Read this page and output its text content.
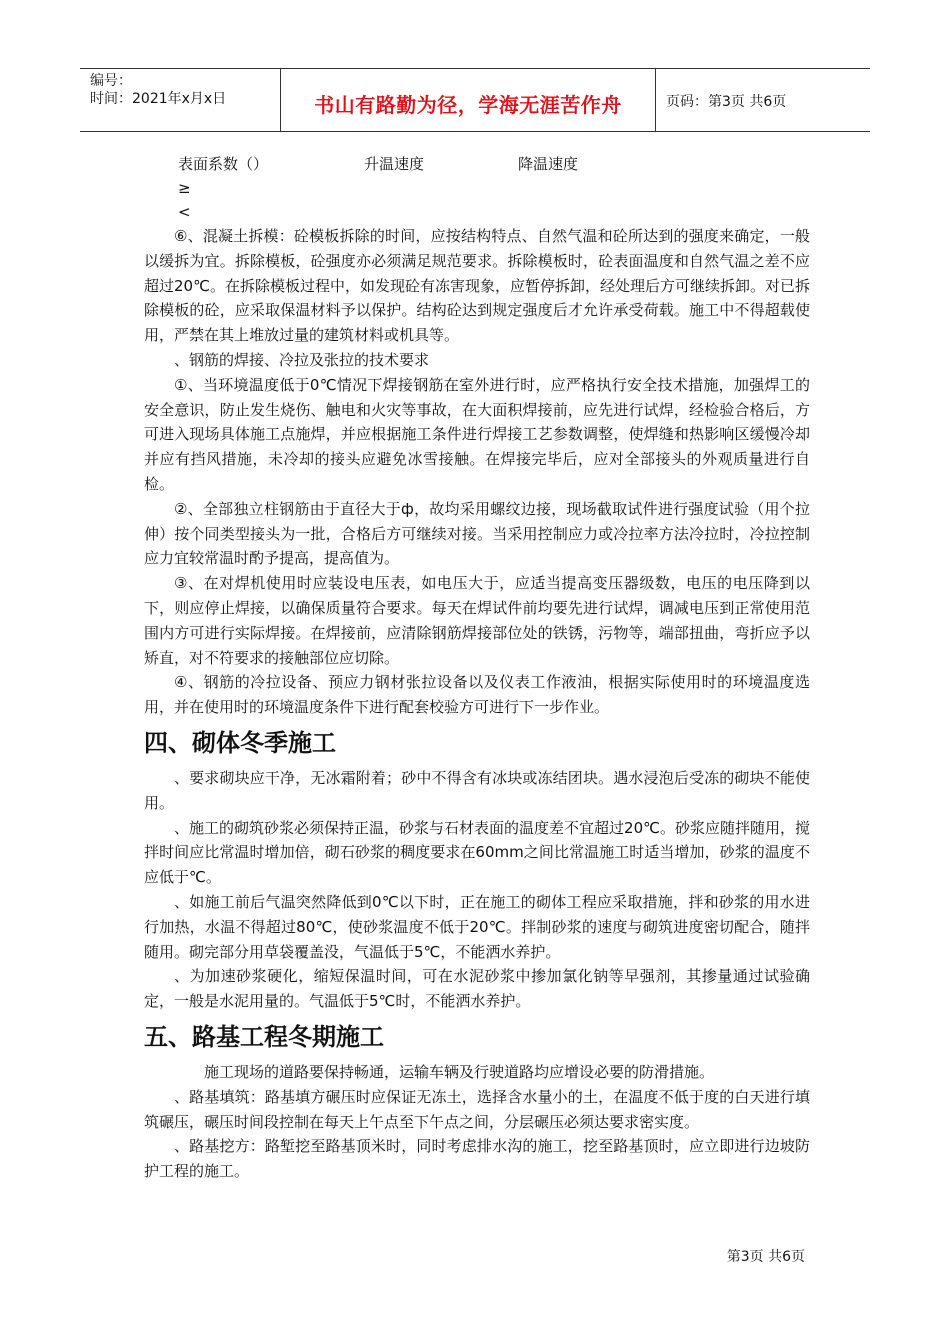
编号：
时间：2021年x月x日	书山有路勤为径，学海无涯苦作舟	页码：第3页 共6页
表面系数（）	升温速度	降温速度
≥
<

⑥、混凝土拆模：砼模板拆除的时间，应按结构特点、自然气温和砼所达到的强度来确定，一般以缓拆为宜。拆除模板，砼强度亦必须满足规范要求。拆除模板时，砼表面温度和自然气温之差不应超过20℃。在拆除模板过程中，如发现砼有冻害现象，应暂停拆卸，经处理后方可继续拆卸。对已拆除模板的砼，应采取保温材料予以保护。结构砼达到规定强度后才允许承受荷载。施工中不得超载使用，严禁在其上堆放过量的建筑材料或机具等。

、钢筋的焊接、冷拉及张拉的技术要求

①、当环境温度低于0℃情况下焊接钢筋在室外进行时，应严格执行安全技术措施，加强焊工的安全意识，防止发生烧伤、触电和火灾等事故，在大面积焊接前，应先进行试焊，经检验合格后，方可进入现场具体施工点施焊，并应根据施工条件进行焊接工艺参数调整，使焊缝和热影响区缓慢冷却并应有挡风措施，未冷却的接头应避免冰雪接触。在焊接完毕后，应对全部接头的外观质量进行自检。

②、全部独立柱钢筋由于直径大于ф，故均采用螺纹边接，现场截取试件进行强度试验（用个拉伸）按个同类型接头为一批，合格后方可继续对接。当采用控制应力或冷拉率方法冷拉时，冷拉控制应力宜较常温时酌予提高，提高值为。

③、在对焊机使用时应装设电压表，如电压大于，应适当提高变压器级数，电压的电压降到以下，则应停止焊接，以确保质量符合要求。每天在焊试件前均要先进行试焊，调减电压到正常使用范围内方可进行实际焊接。在焊接前，应清除钢筋焊接部位处的铁锈，污物等，端部扭曲，弯折应予以矫直，对不符要求的接触部位应切除。

④、钢筋的冷拉设备、预应力钢材张拉设备以及仪表工作液油，根据实际使用时的环境温度选用，并在使用时的环境温度条件下进行配套校验方可进行下一步作业。

四、砌体冬季施工

、要求砌块应干净，无冰霜附着；砂中不得含有冰块或冻结团块。遇水浸泡后受冻的砌块不能使用。

、施工的砌筑砂浆必须保持正温，砂浆与石材表面的温度差不宜超过20℃。砂浆应随拌随用，搅拌时间应比常温时增加倍，砌石砂浆的稠度要求在60mm之间比常温施工时适当增加，砂浆的温度不应低于℃。

、如施工前后气温突然降低到0℃以下时，正在施工的砌体工程应采取措施，拌和砂浆的用水进行加热，水温不得超过80℃，使砂浆温度不低于20℃。拌制砂浆的速度与砌筑进度密切配合，随拌随用。砌完部分用草袋覆盖没，气温低于5℃，不能洒水养护。

、为加速砂浆硬化，缩短保温时间，可在水泥砂浆中掺加氯化钠等早强剂，其掺量通过试验确定，一般是水泥用量的。气温低于5℃时，不能洒水养护。

五、路基工程冬期施工

施工现场的道路要保持畅通，运输车辆及行驶道路均应增设必要的防滑措施。

、路基填筑：路基填方碾压时应保证无冻土，选择含水量小的土，在温度不低于度的白天进行填筑碾压，碾压时间段控制在每天上午点至下午点之间，分层碾压必须达要求密实度。

、路基挖方：路堑挖至路基顶米时，同时考虑排水沟的施工，挖至路基顶时，应立即进行边坡防护工程的施工。

第3页 共6页
